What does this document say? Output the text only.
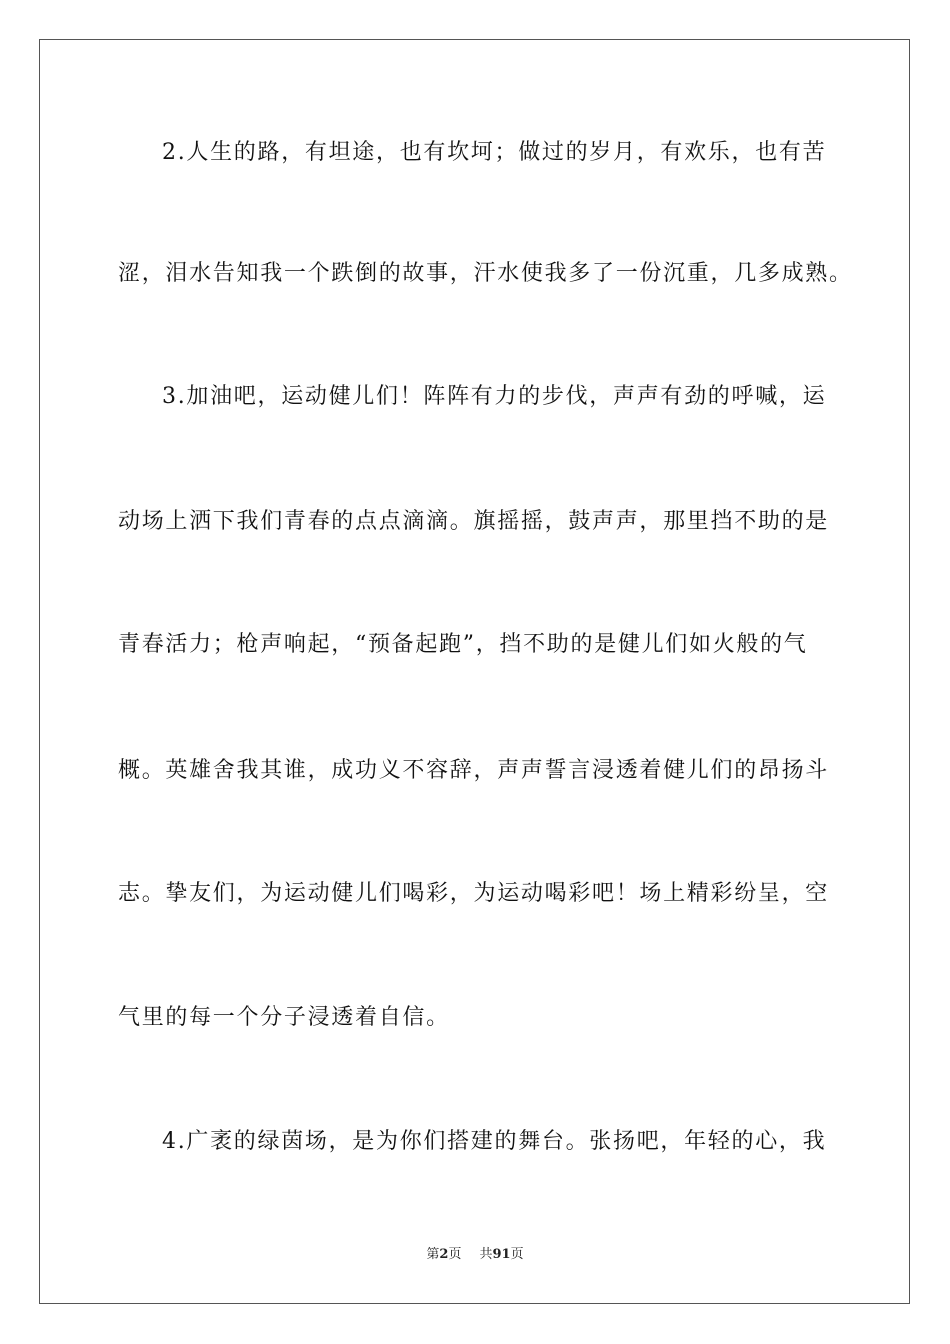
2.人生的路，有坦途，也有坎坷；做过的岁月，有欢乐，也有苦
涩，泪水告知我一个跌倒的故事，汗水使我多了一份沉重，几多成熟。
3.加油吧，运动健儿们！阵阵有力的步伐，声声有劲的呼喊，运
动场上洒下我们青春的点点滴滴。旗摇摇，鼓声声，那里挡不助的是
青春活力；枪声响起，“预备起跑”，挡不助的是健儿们如火般的气
概。英雄舍我其谁，成功义不容辞，声声誓言浸透着健儿们的昂扬斗
志。挚友们，为运动健儿们喝彩，为运动喝彩吧！场上精彩纷呈，空
气里的每一个分子浸透着自信。
4.广袤的绿茵场，是为你们搭建的舞台。张扬吧，年轻的心，我
第2页 共91页
